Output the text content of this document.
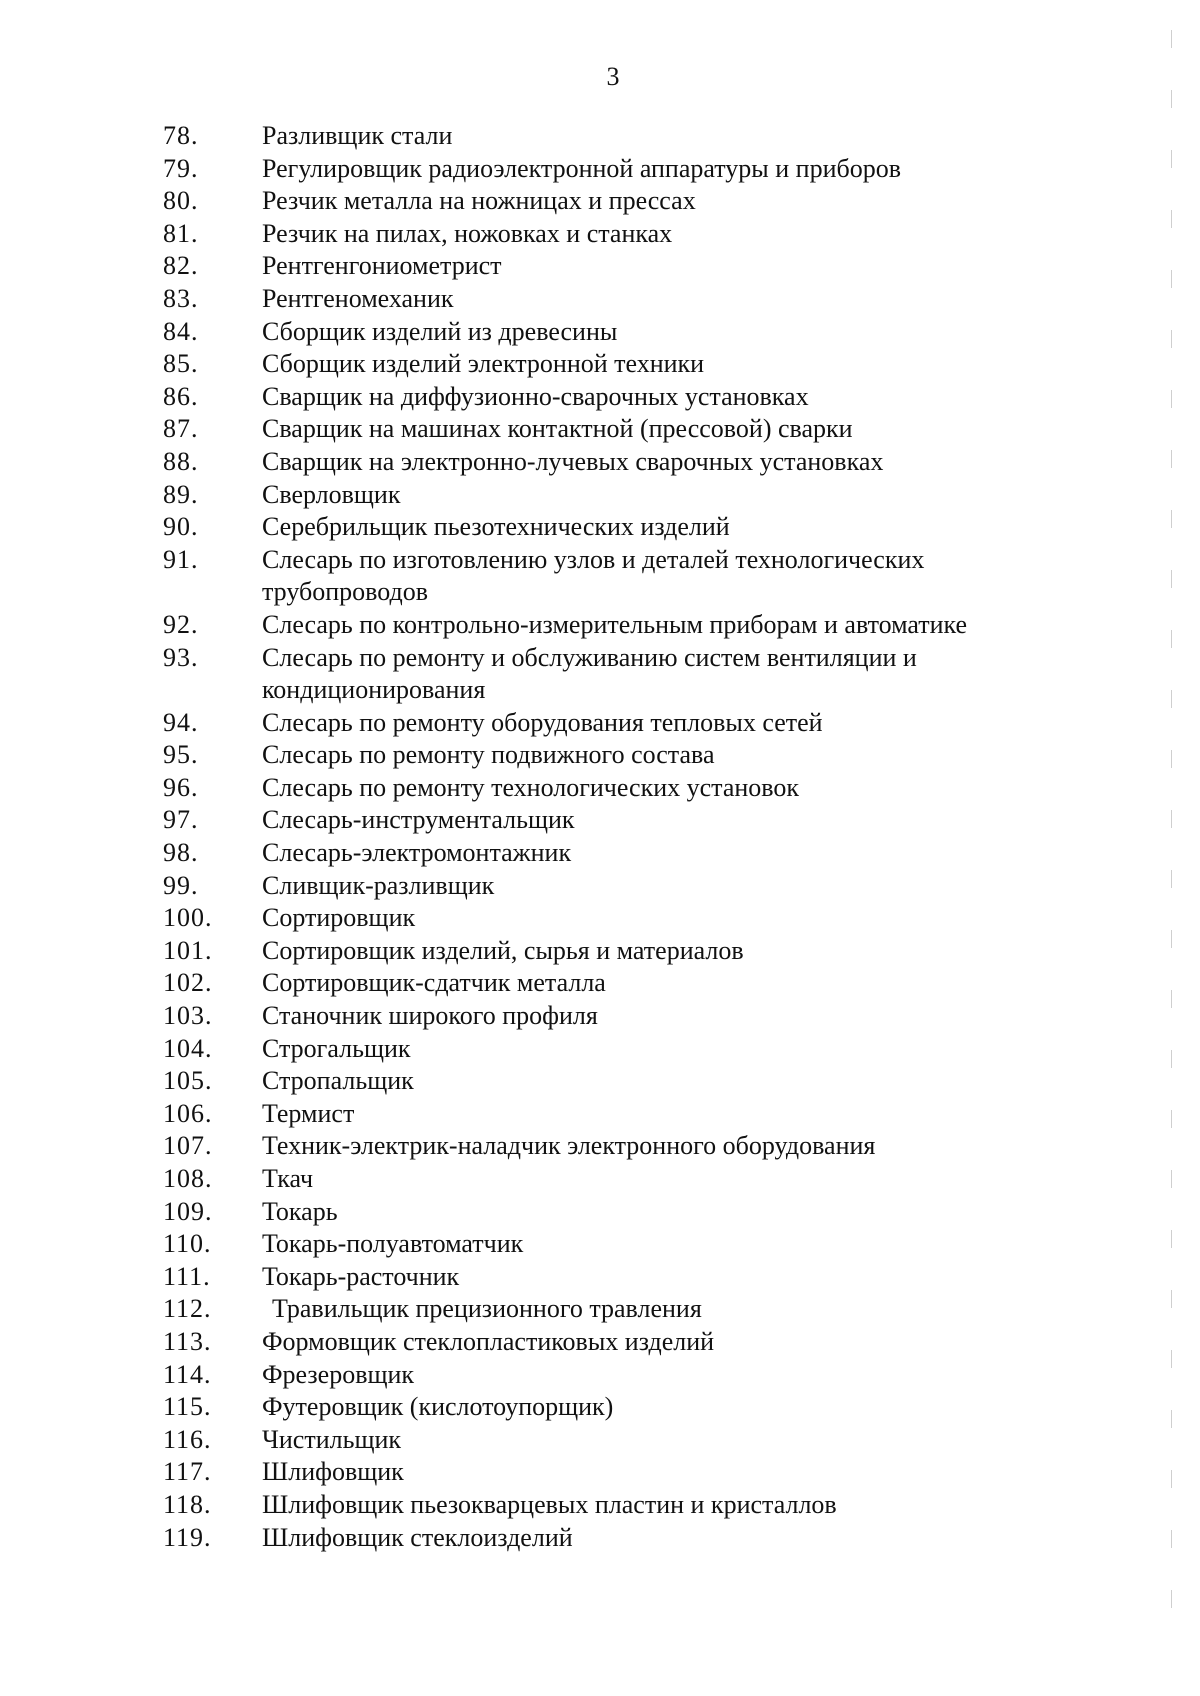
3
78. Разливщик стали
79. Регулировщик радиоэлектронной аппаратуры и приборов
80. Резчик металла на ножницах и прессах
81. Резчик на пилах, ножовках и станках
82. Рентгенгониометрист
83. Рентгеномеханик
84. Сборщик изделий из древесины
85. Сборщик изделий электронной техники
86. Сварщик на диффузионно-сварочных установках
87. Сварщик на машинах контактной (прессовой) сварки
88. Сварщик на электронно-лучевых сварочных установках
89. Сверловщик
90. Серебрильщик пьезотехнических изделий
91. Слесарь по изготовлению узлов и деталей технологических трубопроводов
92. Слесарь по контрольно-измерительным приборам и автоматике
93. Слесарь по ремонту и обслуживанию систем вентиляции и кондиционирования
94. Слесарь по ремонту оборудования тепловых сетей
95. Слесарь по ремонту подвижного состава
96. Слесарь по ремонту технологических установок
97. Слесарь-инструментальщик
98. Слесарь-электромонтажник
99. Сливщик-разливщик
100. Сортировщик
101. Сортировщик изделий, сырья и материалов
102. Сортировщик-сдатчик металла
103. Станочник широкого профиля
104. Строгальщик
105. Стропальщик
106. Термист
107. Техник-электрик-наладчик электронного оборудования
108. Ткач
109. Токарь
110. Токарь-полуавтоматчик
111. Токарь-расточник
112. Травильщик прецизионного травления
113. Формовщик стеклопластиковых изделий
114. Фрезеровщик
115. Футеровщик (кислотоупорщик)
116. Чистильщик
117. Шлифовщик
118. Шлифовщик пьезокварцевых пластин и кристаллов
119. Шлифовщик стеклоизделий
